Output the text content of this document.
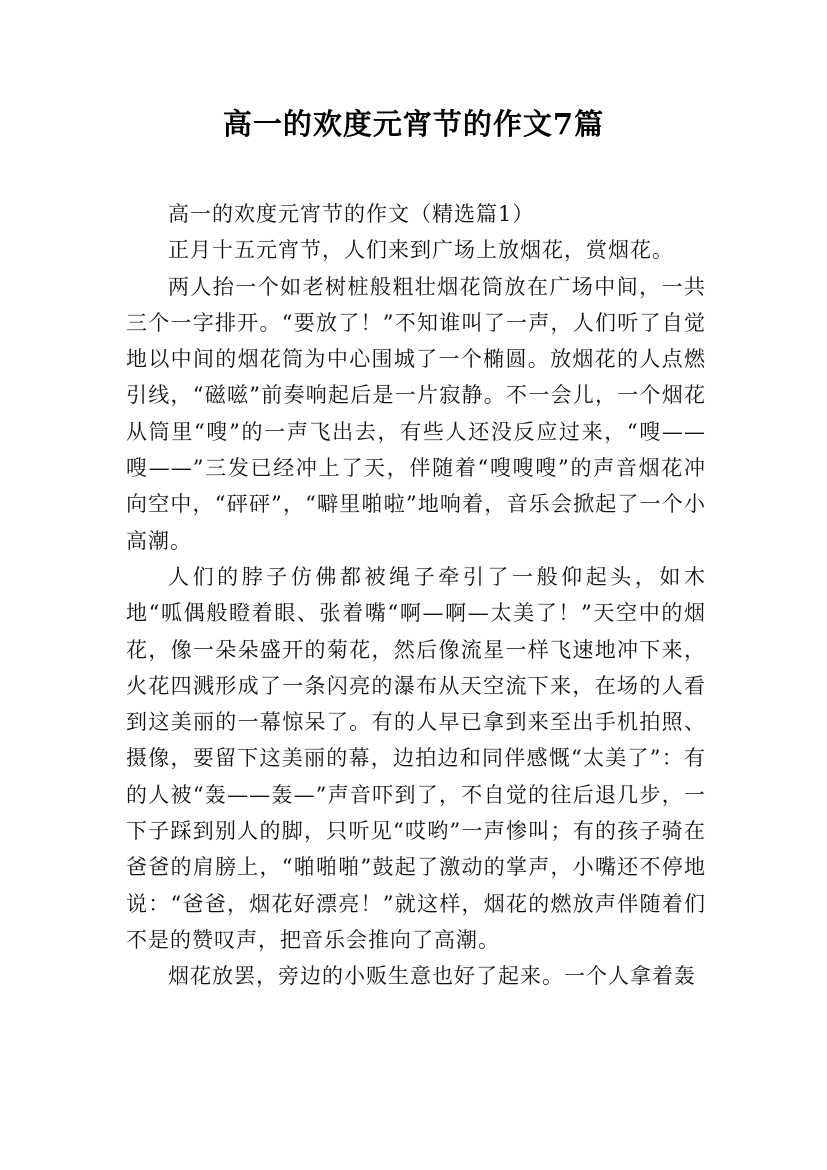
高一的欢度元宵节的作文7篇

高一的欢度元宵节的作文（精选篇1）

正月十五元宵节，人们来到广场上放烟花，赏烟花。

两人抬一个如老树桩般粗壮烟花筒放在广场中间，一共三个一字排开。“要放了！”不知谁叫了一声，人们听了自觉地以中间的烟花筒为中心围城了一个椭圆。放烟花的人点燃引线，“磁嗞”前奏响起后是一片寂静。不一会儿，一个烟花从筒里“嗖”的一声飞出去，有些人还没反应过来，“嗖——嗖——”三发已经冲上了天，伴随着“嗖嗖嗖”的声音烟花冲向空中，“砰砰”，“噼里啪啦”地响着，音乐会掀起了一个小高潮。

人们的脖子仿佛都被绳子牵引了一般仰起头，如木地“呱偶般瞪着眼、张着嘴“啊—啊—太美了！”天空中的烟花，像一朵朵盛开的菊花，然后像流星一样飞速地冲下来，火花四溅形成了一条闪亮的瀑布从天空流下来，在场的人看到这美丽的一幕惊呆了。有的人早已拿到来至出手机拍照、摄像，要留下这美丽的幕，边拍边和同伴感慨“太美了”：有的人被“轰——轰—”声音吓到了，不自觉的往后退几步，一下子踩到别人的脚，只听见“哎哟”一声惨叫；有的孩子骑在爸爸的肩膀上，“啪啪啪”鼓起了激动的掌声，小嘴还不停地说：“爸爸，烟花好漂亮！”就这样，烟花的燃放声伴随着们不是的赞叹声，把音乐会推向了高潮。

烟花放罢，旁边的小贩生意也好了起来。一个人拿着轰
